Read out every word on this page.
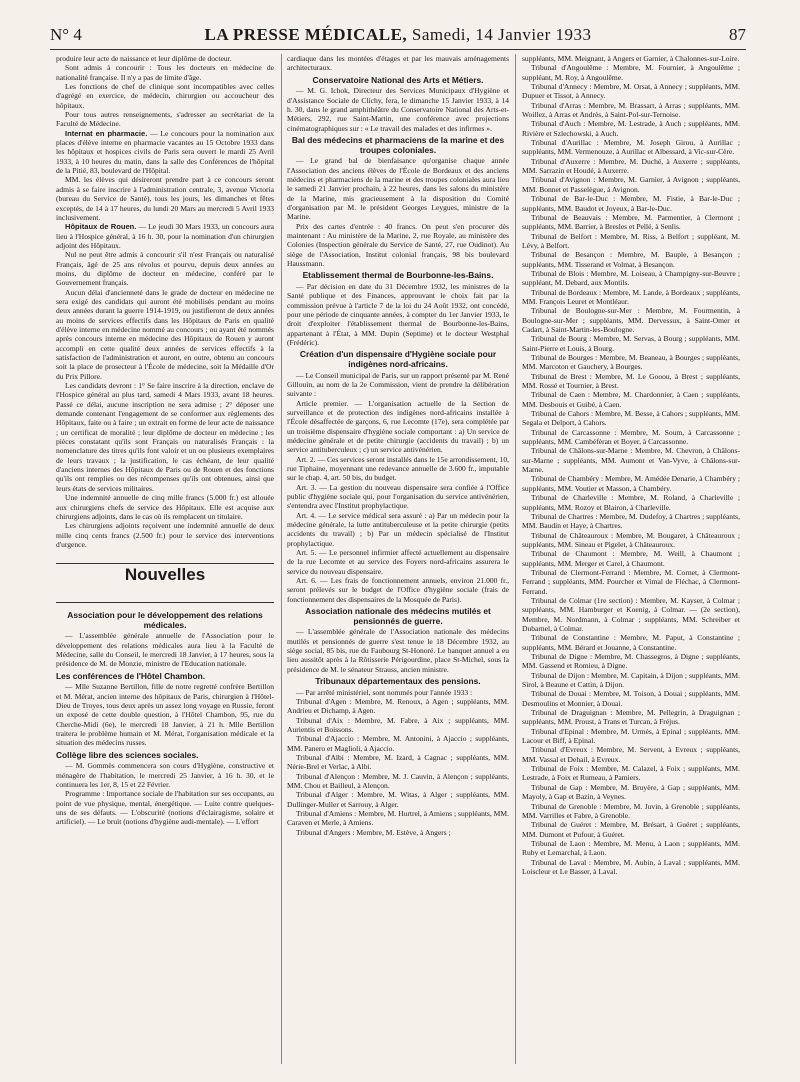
N° 4	LA PRESSE MÉDICALE, Samedi, 14 Janvier 1933	87

produire leur acte de naissance et leur diplôme de docteur.

Sont admis à concourir : Tous les docteurs en médecine de nationalité française. Il n'y a pas de limite d'âge.

Les fonctions de chef de clinique sont incompatibles avec celles d'agrégé en exercice, de médecin, chirurgien ou accoucheur des hôpitaux.

Pour tous autres renseignements, s'adresser au secrétariat de la Faculté de Médecine.

Internat en pharmacie. — Le concours pour la nomination aux places d'élève interne en pharmacie vacantes au 15 Octobre 1933 dans les hôpitaux et hospices civils de Paris sera ouvert le mardi 25 Avril 1933, à 10 heures du matin, dans la salle des Conférences de l'hôpital de la Pitié, 83, boulevard de l'Hôpital.

MM. les élèves qui désireront prendre part à ce concours seront admis à se faire inscrire à l'administration centrale, 3, avenue Victoria (bureau du Service de Santé), tous les jours, les dimanches et fêtes exceptés, de 14 à 17 heures, du lundi 20 Mars au mercredi 5 Avril 1933 inclusivement.

Hôpitaux de Rouen. — Le jeudi 30 Mars 1933, un concours aura lieu à l'Hospice général, à 16 h. 30, pour la nomination d'un chirurgien adjoint des Hôpitaux.

Nul ne peut être admis à concourir s'il n'est Français ou naturalisé Français, âgé de 25 ans révolus et pourvu, depuis deux années au moins, du diplôme de docteur en médecine, conféré par le Gouvernement français.

Aucun délai d'ancienneté dans le grade de docteur en médecine ne sera exigé des candidats qui auront été mobilisés pendant au moins deux années durant la guerre 1914-1919, ou justifieront de deux années au moins de services effectifs dans les Hôpitaux de Paris en qualité d'élève interne en médecine nommé au concours ; ou ayant été nommés après concours interne en médecine des Hôpitaux de Rouen y auront accompli en cette qualité deux années de services effectifs à la satisfaction de l'administration et auront, en outre, obtenu au concours soit la place de prosecteur à l'École de médecine, soit la Médaille d'Or du Prix Pillore.

Les candidats devront : 1° Se faire inscrire à la direction, enclave de l'Hospice général au plus tard, samedi 4 Mars 1933, avant 18 heures. Passé ce délai, aucune inscription ne sera admise ; 2° déposer une demande contenant l'engagement de se conformer aux règlements des Hôpitaux, faite ou à faire ; un extrait en forme de leur acte de naissance ; un certificat de moralité ; leur diplôme de docteur en médecine ; les pièces constatant qu'ils sont Français ou naturalisés Français : la nomenclature des titres qu'ils font valoir et un ou plusieurs exemplaires de leurs travaux ; la justification, le cas échéant, de leur qualité d'anciens internes des Hôpitaux de Paris ou de Rouen et des fonctions qu'ils ont remplies ou des récompenses qu'ils ont obtenues, ainsi que leurs états de services militaires.

Une indemnité annuelle de cinq mille francs (5.000 fr.) est allouée aux chirurgiens chefs de service des Hôpitaux. Elle est acquise aux chirurgiens adjoints, dans le cas où ils remplacent un titulaire.

Les chirurgiens adjoints reçoivent une indemnité annuelle de deux mille cinq cents francs (2.500 fr.) pour le service des interventions d'urgence.

Nouvelles
Association pour le développement des relations médicales.

— L'assemblée générale annuelle de l'Association pour le développement des relations médicales aura lieu à la Faculté de Médecine, salle du Conseil, le mercredi 18 Janvier, à 17 heures, sous la présidence de M. de Monzie, ministre de l'Education nationale.

Les conférences de l'Hôtel Chambon.

— Mlle Suzanne Bertillon, fille de notre regretté confrère Bertillon et M. Mérat, ancien interne des hôpitaux de Paris, chirurgien à l'Hôtel-Dieu de Troyes, tous deux après un assez long voyage en Russie, feront un exposé de cette double question, à l'Hôtel Chambon, 95, rue du Cherche-Midi (6e), le mercredi 18 Janvier, à 21 h. Mlle Bertillon traitera le problème humain et M. Mérat, l'organisation médicale et la situation des médecins russes.

Collège libre des sciences sociales.

— M. Gommès commencera son cours d'Hygiène, constructive et ménagère de l'habitation, le mercredi 25 Janvier, à 16 h. 30, et le continuera les 1er, 8, 15 et 22 Février.

Programme : Importance sociale de l'habitation sur ses occupants, au point de vue physique, mental, énergétique. — Luite contre quelques-uns de ses défauts. — L'obscurité (notions d'éclairagisme, solaire et artificiel). — Le bruit (notions d'hygiène audi-mentale). — L'effort

cardiaque dans les montées d'étages et par les mauvais aménagements architecturaux.

Conservatoire National des Arts et Métiers.

— M. G. Ichok, Directeur des Services Municipaux d'Hygiène et d'Assistance Sociale de Clichy, fera, le dimanche 15 Janvier 1933, à 14 h. 30, dans le grand amphithéâtre du Conservatoire National des Arts-et-Métiers, 292, rue Saint-Martin, une conférence avec projections cinématographiques sur : « Le travail des malades et des infirmes ».

Bal des médecins et pharmaciens de la marine et des troupes coloniales.

— Le grand bal de bienfaisance qu'organise chaque année l'Association des anciens élèves de l'École de Bordeaux et des anciens médecins et pharmaciens de la marine et des troupes coloniales aura lieu le samedi 21 Janvier prochain, à 22 heures, dans les salons du ministère de la Marine, mis gracieusement à la disposition du Comité d'organisation par M. le président Georges Leygues, ministre de la Marine.

Prix des cartes d'entrée : 40 francs. On peut s'en procurer dès maintenant : Au ministère de la Marine, 2, rue Royale, au ministère des Colonies (Inspection générale du Service de Santé, 27, rue Oudinot). Au siège de l'Association, Institut colonial français, 98 bis boulevard Haussmann.

Etablissement thermal de Bourbonne-les-Bains.

— Par décision en date du 31 Décembre 1932, les ministres de la Santé publique et des Finances, approuvant le choix fait par la commission prévue à l'article 7 de la loi du 24 Août 1932, ont concédé, pour une période de cinquante années, à compter du 1er Janvier 1933, le droit d'exploiter l'établissement thermal de Bourbonne-les-Bains, appartenant à l'État, à MM. Dupin (Septime) et le docteur Westphal (Frédéric).

Création d'un dispensaire d'Hygiène sociale pour indigènes nord-africains.

— Le Conseil municipal de Paris, sur un rapport présenté par M. René Gillouin, au nom de la 2e Commission, vient de prendre la délibération suivante :

Article premier. — L'organisation actuelle de la Section de surveillance et de protection des indigènes nord-africains installée à l'École désaffectée de garçons, 6, rue Lecomte (17e), sera complétée par un troisième dispensaire d'hygiène sociale comportant : a) Un service de médecine générale et de petite chirurgie (accidents du travail) ; b) un service antituberculeux ; c) un service antivénérien.

Art. 2. — Ces services seront installés dans le 15e arrondissement, 10, rue Tiphaine, moyennant une redevance annuelle de 3.600 fr., imputable sur le chap. 4, art. 50 bis, du budget.

Art. 3. — La gestion du nouveau dispensaire sera confiée à l'Office public d'hygiène sociale qui, pour l'organisation du service antivénérien, s'entendra avec l'Institut prophylactique.

Art. 4. — Le service médical sera assuré : a) Par un médecin pour la médecine générale, la lutte antituberculeuse et la petite chirurgie (petits accidents du travail) ; b) Par un médecin spécialisé de l'Institut prophylactique.

Art. 5. — Le personnel infirmier affecté actuellement au dispensaire de la rue Lecomte et au service des Foyers nord-africains assurera le service du nouveau dispensaire.

Art. 6. — Les frais de fonctionnement annuels, environ 21.000 fr., seront prélevés sur le budget de l'Office d'hygiène sociale (frais de fonctionnement des dispensaires de la Mosquée de Paris).

Association nationale des médecins mutilés et pensionnés de guerre.

— L'assemblée générale de l'Association nationale des médecins mutilés et pensionnés de guerre s'est tenue le 18 Décembre 1932, au siège social, 85 bis, rue du Faubourg St-Honoré. Le banquet annuel a eu lieu aussitôt après à la Rôtisserie Périgourdine, place St-Michel, sous la présidence de M. le sénateur Strauss, ancien ministre.

Tribunaux départementaux des pensions.

— Par arrêté ministériel, sont nommés pour l'année 1933 :

Tribunal d'Agen : Membre, M. Renoux, à Agen ; suppléants, MM. Andrieu et Dichamp, à Agen.

Tribunal d'Aix : Membre, M. Fabre, à Aix ; suppléants, MM. Aurientis et Boissons.

Tribunal d'Ajaccio : Membre, M. Antonini, à Ajaccio ; suppléants, MM. Panero et Maglioli, à Ajaccio.

Tribunal d'Albi : Membre, M. Izard, à Cagnac ; suppléants, MM. Nérie-Brel et Verlac, à Albi.

Tribunal d'Alençon : Membre, M. J. Cauvin, à Alençon ; suppléants, MM. Chou et Bailleul, à Alençon.

Tribunal d'Alger : Membre, M. Witas, à Alger ; suppléants, MM. Dullinger-Muller et Sarrouy, à Alger.

Tribunal d'Amiens : Membre, M. Hurtrel, à Amiens ; suppléants, MM. Caraven et Merle, à Amiens.

Tribunal d'Angers : Membre, M. Estève, à Angers ;

suppléants, MM. Meignant, à Angers et Garnier, à Chalonnes-sur-Loire.

Tribunal d'Angoulême : Membre, M. Fournier, à Angoulême ; suppléant, M. Roy, à Angoulême.

Tribunal d'Annecy : Membre, M. Orsat, à Annecy ; suppléants, MM. Dupuer et Tissot, à Annecy.

Tribunal d'Arras : Membre, M. Brassart, à Arras ; suppléants, MM. Woillez, à Arras et Andrès, à Saint-Pol-sur-Ternoise.

Tribunal d'Auch : Membre, M. Lestrade, à Auch ; suppléants, MM. Rivière et Szlechowski, à Auch.

Tribunal d'Aurillac : Membre, M. Joseph Girou, à Aurillac ; suppléants, MM. Vermenouze, à Aurillac et Albessard, à Vic-sur-Cère.

Tribunal d'Auxerre : Membre, M. Duché, à Auxerre ; suppléants, MM. Sarrazin et Houdé, à Auxerre.

Tribunal d'Avignon : Membre, M. Garnier, à Avignon ; suppléants, MM. Bonnet et Passelègue, à Avignon.

Tribunal de Bar-le-Duc : Membre, M. Fistie, à Bar-le-Duc ; suppléants, MM. Baudot et Joyeux, à Bar-le-Duc.

Tribunal de Beauvais : Membre, M. Parmentier, à Clermont ; suppléants, MM. Barrier, à Bresles et Pellé, à Senlis.

Tribunal de Belfort : Membre, M. Riss, à Belfort ; suppléant, M. Lévy, à Belfort.

Tribunal de Besançon : Membre, M. Bauple, à Besançon ; suppléants, MM. Tisserand et Volmat, à Besançon.

Tribunal de Blois : Membre, M. Loiseau, à Champigny-sur-Beuvre ; suppléant, M. Debard, aux Montils.

Tribunal de Bordeaux : Membre, M. Lande, à Bordeaux ; suppléants, MM. François Leuret et Montléaur.

Tribunal de Boulogne-sur-Mer : Membre, M. Fourmentin, à Boulogne-sur-Mer ; suppléants, MM. Dervessux, à Saint-Omer et Cadart, à Saint-Martin-les-Boulogne.

Tribunal de Bourg : Membre, M. Servas, à Bourg ; suppléants, MM. Saint-Pierre et Louis, à Bourg.

Tribunal de Bourges : Membre, M. Beaneau, à Bourges ; suppléants, MM. Marcoton et Gauchery, à Bourges.

Tribunal de Brest : Membre, M. Le Gooou, à Brest ; suppléants, MM. Rossé et Tournier, à Brest.

Tribunal de Caen : Membre, M. Chardonnier, à Caen ; suppléants, MM. Desbouis et Guibé, à Caen.

Tribunal de Cahors : Membre, M. Besse, à Cahors ; suppléants, MM. Segala et Delport, à Cahors.

Tribunal de Carcassonne : Membre, M. Soum, à Carcassonne ; suppléants, MM. Cambéfèran et Boyer, à Carcassonne.

Tribunal de Châlons-sur-Marne : Membre, M. Chevron, à Châlons-sur-Marne ; suppléants, MM. Aumont et Van-Vyve, à Châlons-sur-Marne.

Tribunal de Chambéry : Membre, M. Amédée Denarie, à Chambéry ; suppléants, MM. Voutier et Masson, à Chambéry.

Tribunal de Charleville : Membre, M. Roland, à Charleville ; suppléants, MM. Rozoy et Blairon, à Charleville.

Tribunal de Chartres : Membre, M. Dudefoy, à Chartres ; suppléants, MM. Baudin et Haye, à Chartres.

Tribunal de Châteauroux : Membre, M. Bougaret, à Châteauroux ; suppléants, MM. Sineau et Pigelet, à Châteauroux.

Tribunal de Chaumont : Membre, M. Weill, à Chaumont ; suppléants, MM. Merger et Carel, à Chaumont.

Tribunal de Clermont-Ferrand : Membre, M. Cornet, à Clermont-Ferrand ; suppléants, MM. Pourcher et Vimal de Fléchac, à Clermont-Ferrand.

Tribunal de Colmar (1re section) : Membre, M. Kayser, à Colmar ; suppléants, MM. Hamburger et Koenig, à Colmar. — (2e section), Membre, M. Nordmann, à Colmar ; suppléants, MM. Schreiber et Dubarnel, à Colmar.

Tribunal de Constantine : Membre, M. Paput, à Constantine ; suppléants, MM. Bérard et Jouanne, à Constantine.

Tribunal de Digne : Membre, M. Chassegros, à Digne ; suppléants, MM. Gassend et Romieu, à Digne.

Tribunal de Dijon : Membre, M. Capitain, à Dijon ; suppléants, MM. Sirol, à Beaune et Cattin, à Dijon.

Tribunal de Douai : Membre, M. Toison, à Douai ; suppléants, MM. Desmoulins et Monnier, à Douai.

Tribunal de Draguignan : Membre, M. Pellegrin, à Draguignan ; suppléants, MM. Proust, à Trans et Turcan, à Fréjus.

Tribunal d'Epinal : Membre, M. Urmès, à Epinal ; suppléants, MM. Lacour et Biff, à Epinal.

Tribunal d'Evreux : Membre, M. Servent, à Evreux ; suppléants, MM. Vassal et Dehail, à Evreux.

Tribunal de Foix : Membre, M. Calazel, à Foix ; suppléants, MM. Lestrade, à Foix et Rumeau, à Pamiers.

Tribunal de Gap : Membre, M. Bruyère, à Gap ; suppléants, MM. Mayoly, à Gap et Bazin, à Veynes.

Tribunal de Grenoble : Membre, M. Juvin, à Grenoble ; suppléants, MM. Varrilles et Fabre, à Grenoble.

Tribunal de Guéret : Membre, M. Brésart, à Guéret ; suppléants, MM. Dumont et Pufour, à Guéret.

Tribunal de Laon : Membre, M. Menu, à Laon ; suppléants, MM. Ruby et Lemarchal, à Laon.

Tribunal de Laval : Membre, M. Aubin, à Laval ; suppléants, MM. Loiscleur et Le Basser, à Laval.
